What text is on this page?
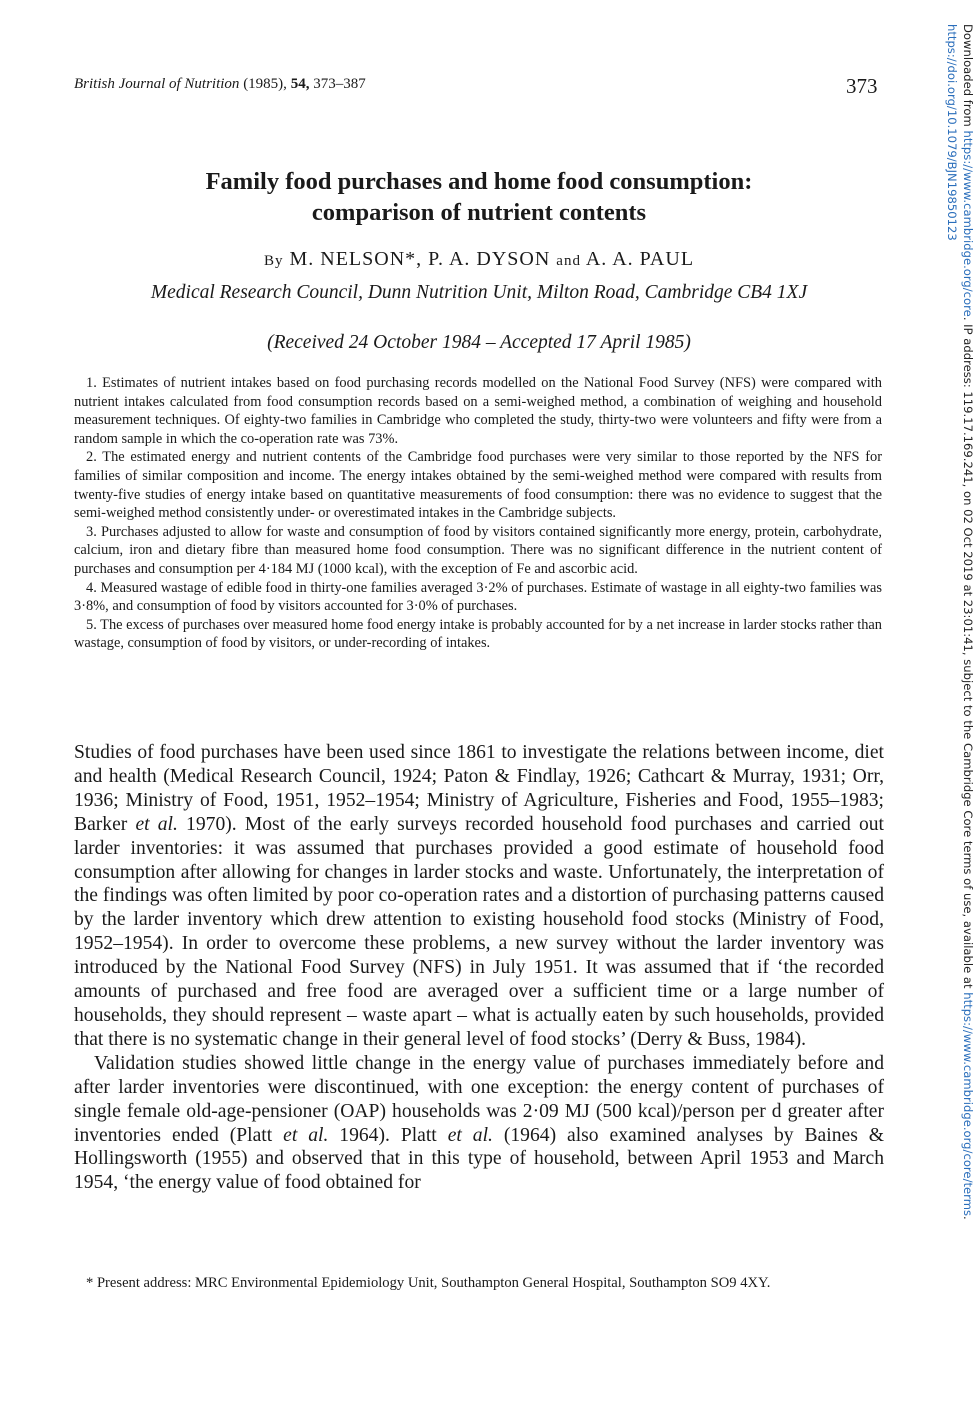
British Journal of Nutrition (1985), 54, 373–387	373
Family food purchases and home food consumption:
comparison of nutrient contents
By M. NELSON*, P. A. DYSON and A. A. PAUL
Medical Research Council, Dunn Nutrition Unit, Milton Road, Cambridge CB4 1XJ
(Received 24 October 1984 – Accepted 17 April 1985)

1. Estimates of nutrient intakes based on food purchasing records modelled on the National Food Survey (NFS) were compared with nutrient intakes calculated from food consumption records based on a semi-weighed method, a combination of weighing and household measurement techniques. Of eighty-two families in Cambridge who completed the study, thirty-two were volunteers and fifty were from a random sample in which the co-operation rate was 73%.

2. The estimated energy and nutrient contents of the Cambridge food purchases were very similar to those reported by the NFS for families of similar composition and income. The energy intakes obtained by the semi-weighed method were compared with results from twenty-five studies of energy intake based on quantitative measurements of food consumption: there was no evidence to suggest that the semi-weighed method consistently under- or overestimated intakes in the Cambridge subjects.

3. Purchases adjusted to allow for waste and consumption of food by visitors contained significantly more energy, protein, carbohydrate, calcium, iron and dietary fibre than measured home food consumption. There was no significant difference in the nutrient content of purchases and consumption per 4·184 MJ (1000 kcal), with the exception of Fe and ascorbic acid.

4. Measured wastage of edible food in thirty-one families averaged 3·2% of purchases. Estimate of wastage in all eighty-two families was 3·8%, and consumption of food by visitors accounted for 3·0% of purchases.

5. The excess of purchases over measured home food energy intake is probably accounted for by a net increase in larder stocks rather than wastage, consumption of food by visitors, or under-recording of intakes.

Studies of food purchases have been used since 1861 to investigate the relations between income, diet and health (Medical Research Council, 1924; Paton & Findlay, 1926; Cathcart & Murray, 1931; Orr, 1936; Ministry of Food, 1951, 1952–1954; Ministry of Agriculture, Fisheries and Food, 1955–1983; Barker et al. 1970). Most of the early surveys recorded household food purchases and carried out larder inventories: it was assumed that purchases provided a good estimate of household food consumption after allowing for changes in larder stocks and waste. Unfortunately, the interpretation of the findings was often limited by poor co-operation rates and a distortion of purchasing patterns caused by the larder inventory which drew attention to existing household food stocks (Ministry of Food, 1952–1954). In order to overcome these problems, a new survey without the larder inventory was introduced by the National Food Survey (NFS) in July 1951. It was assumed that if ‘the recorded amounts of purchased and free food are averaged over a sufficient time or a large number of households, they should represent – waste apart – what is actually eaten by such households, provided that there is no systematic change in their general level of food stocks’ (Derry & Buss, 1984).

Validation studies showed little change in the energy value of purchases immediately before and after larder inventories were discontinued, with one exception: the energy content of purchases of single female old-age-pensioner (OAP) households was 2·09 MJ (500 kcal)/person per d greater after inventories ended (Platt et al. 1964). Platt et al. (1964) also examined analyses by Baines & Hollingsworth (1955) and observed that in this type of household, between April 1953 and March 1954, ‘the energy value of food obtained for

* Present address: MRC Environmental Epidemiology Unit, Southampton General Hospital, Southampton SO9 4XY.
Downloaded from https://www.cambridge.org/core. IP address: 119.17.169.241, on 02 Oct 2019 at 23:01:41, subject to the Cambridge Core terms of use, available at https://www.cambridge.org/core/terms.
https://doi.org/10.1079/BJN19850123
